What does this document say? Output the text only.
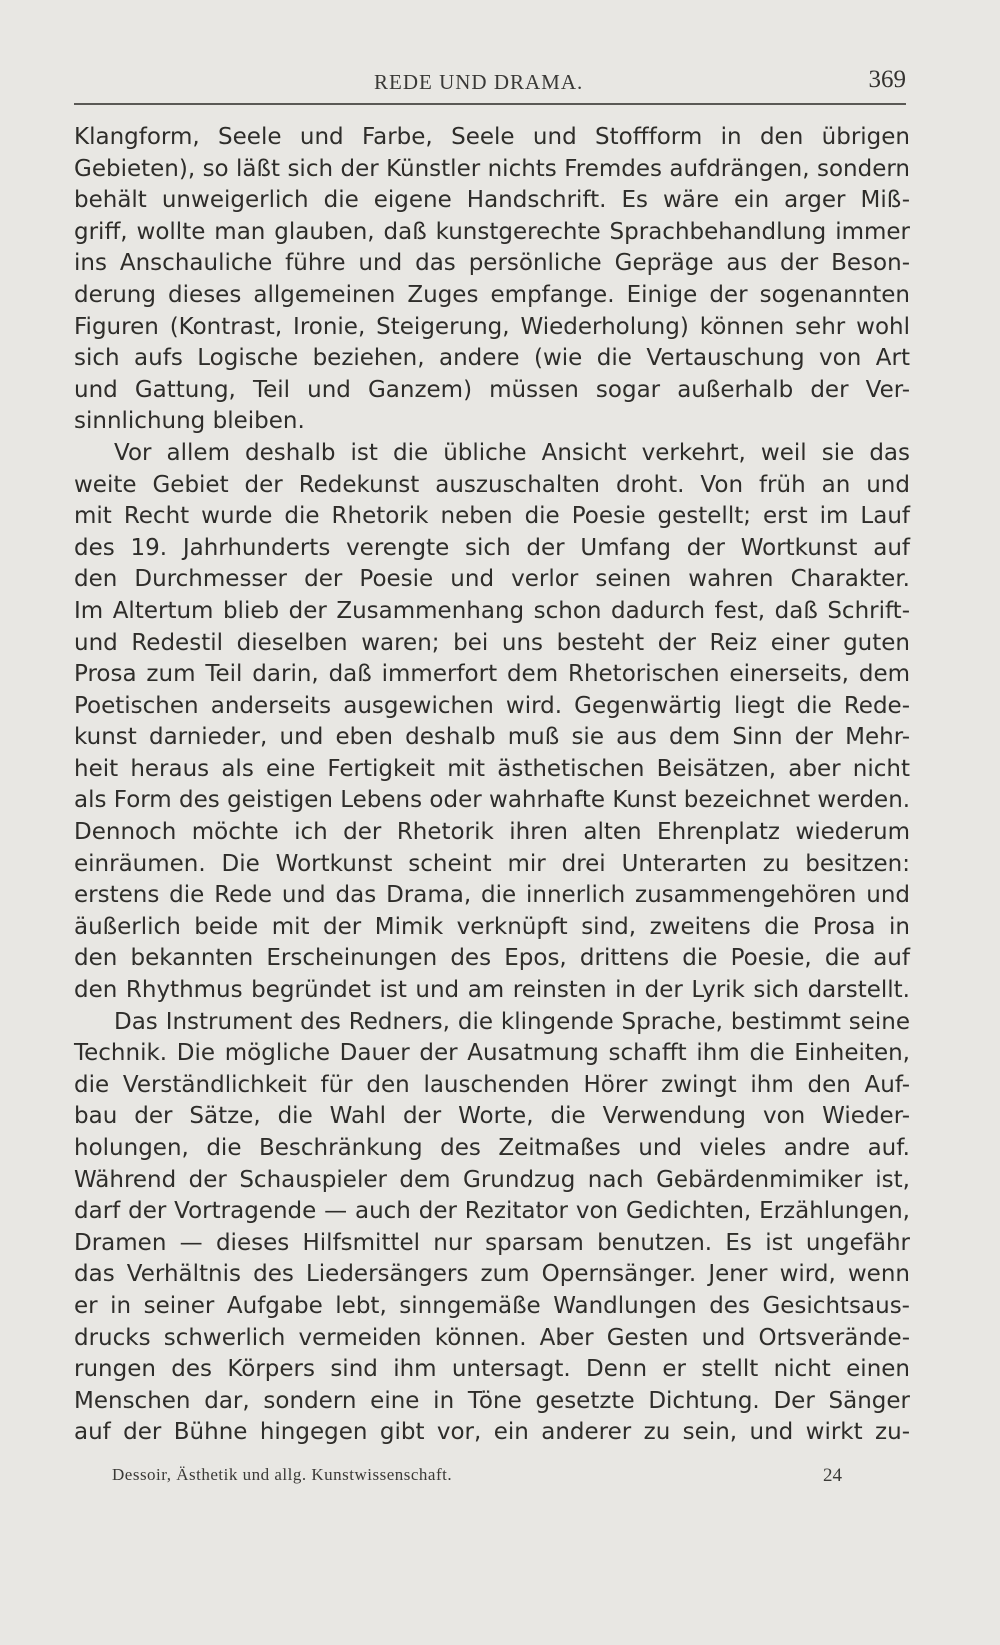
REDE UND DRAMA.	369
Klangform, Seele und Farbe, Seele und Stoffform in den übrigen
Gebieten), so läßt sich der Künstler nichts Fremdes aufdrängen, sondern
behält unweigerlich die eigene Handschrift. Es wäre ein arger Miß-
griff, wollte man glauben, daß kunstgerechte Sprachbehandlung immer
ins Anschauliche führe und das persönliche Gepräge aus der Beson-
derung dieses allgemeinen Zuges empfange. Einige der sogenannten
Figuren (Kontrast, Ironie, Steigerung, Wiederholung) können sehr wohl
sich aufs Logische beziehen, andere (wie die Vertauschung von Art
und Gattung, Teil und Ganzem) müssen sogar außerhalb der Ver-
sinnlichung bleiben.
Vor allem deshalb ist die übliche Ansicht verkehrt, weil sie das
weite Gebiet der Redekunst auszuschalten droht. Von früh an und
mit Recht wurde die Rhetorik neben die Poesie gestellt; erst im Lauf
des 19. Jahrhunderts verengte sich der Umfang der Wortkunst auf
den Durchmesser der Poesie und verlor seinen wahren Charakter.
Im Altertum blieb der Zusammenhang schon dadurch fest, daß Schrift-
und Redestil dieselben waren; bei uns besteht der Reiz einer guten
Prosa zum Teil darin, daß immerfort dem Rhetorischen einerseits, dem
Poetischen anderseits ausgewichen wird. Gegenwärtig liegt die Rede-
kunst darnieder, und eben deshalb muß sie aus dem Sinn der Mehr-
heit heraus als eine Fertigkeit mit ästhetischen Beisätzen, aber nicht
als Form des geistigen Lebens oder wahrhafte Kunst bezeichnet werden.
Dennoch möchte ich der Rhetorik ihren alten Ehrenplatz wiederum
einräumen. Die Wortkunst scheint mir drei Unterarten zu besitzen:
erstens die Rede und das Drama, die innerlich zusammengehören und
äußerlich beide mit der Mimik verknüpft sind, zweitens die Prosa in
den bekannten Erscheinungen des Epos, drittens die Poesie, die auf
den Rhythmus begründet ist und am reinsten in der Lyrik sich darstellt.
Das Instrument des Redners, die klingende Sprache, bestimmt seine
Technik. Die mögliche Dauer der Ausatmung schafft ihm die Einheiten,
die Verständlichkeit für den lauschenden Hörer zwingt ihm den Auf-
bau der Sätze, die Wahl der Worte, die Verwendung von Wieder-
holungen, die Beschränkung des Zeitmaßes und vieles andre auf.
Während der Schauspieler dem Grundzug nach Gebärdenmimiker ist,
darf der Vortragende — auch der Rezitator von Gedichten, Erzählungen,
Dramen — dieses Hilfsmittel nur sparsam benutzen. Es ist ungefähr
das Verhältnis des Liedersängers zum Opernsänger. Jener wird, wenn
er in seiner Aufgabe lebt, sinngemäße Wandlungen des Gesichtsaus-
drucks schwerlich vermeiden können. Aber Gesten und Ortsverände-
rungen des Körpers sind ihm untersagt. Denn er stellt nicht einen
Menschen dar, sondern eine in Töne gesetzte Dichtung. Der Sänger
auf der Bühne hingegen gibt vor, ein anderer zu sein, und wirkt zu-
Dessoir, Ästhetik und allg. Kunstwissenschaft.	24
